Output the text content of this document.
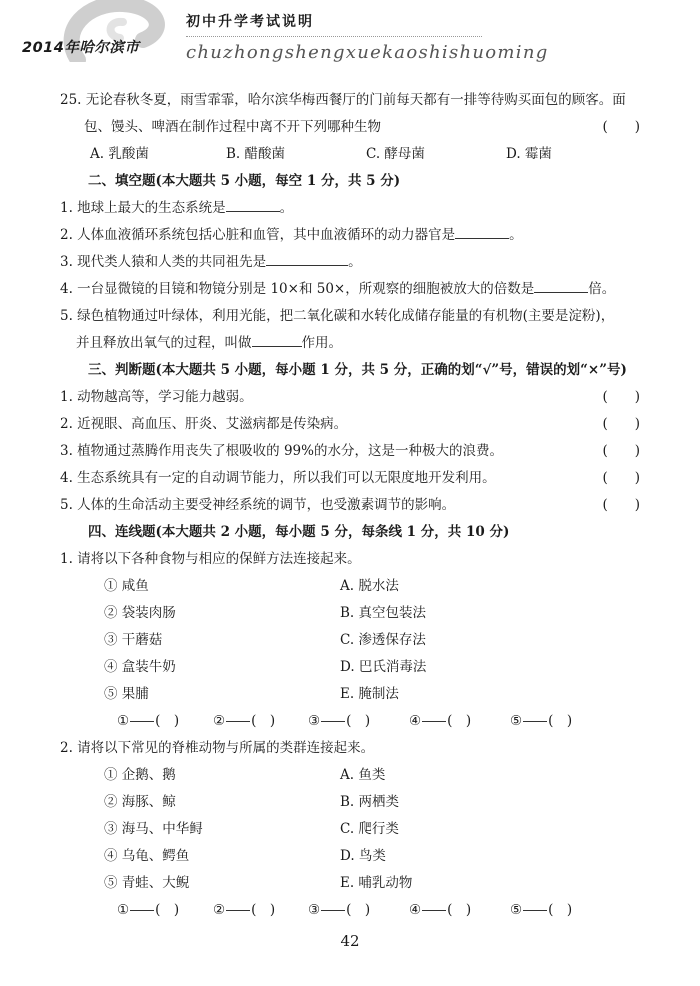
2014年哈尔滨市
初中升学考试说明
chuzhongshengxuekaoshishuoming
25. 无论春秋冬夏，雨雪霏霏，哈尔滨华梅西餐厅的门前每天都有一排等待购买面包的顾客。面
包、馒头、啤酒在制作过程中离不开下列哪种生物	(　　)
A. 乳酸菌	B. 醋酸菌	C. 酵母菌	D. 霉菌
二、填空题(本大题共 5 小题，每空 1 分，共 5 分)
1. 地球上最大的生态系统是	。
2. 人体血液循环系统包括心脏和血管，其中血液循环的动力器官是	。
3. 现代类人猿和人类的共同祖先是	。
4. 一台显微镜的目镜和物镜分别是 10×和 50×，所观察的细胞被放大的倍数是	倍。
5. 绿色植物通过叶绿体，利用光能，把二氧化碳和水转化成储存能量的有机物(主要是淀粉)，
并且释放出氧气的过程，叫做	作用。
三、判断题(本大题共 5 小题，每小题 1 分，共 5 分，正确的划“√”号，错误的划“×”号)
1. 动物越高等，学习能力越弱。	(　　)
2. 近视眼、高血压、肝炎、艾滋病都是传染病。	(　　)
3. 植物通过蒸腾作用丧失了根吸收的 99%的水分，这是一种极大的浪费。	(　　)
4. 生态系统具有一定的自动调节能力，所以我们可以无限度地开发利用。	(　　)
5. 人体的生命活动主要受神经系统的调节，也受激素调节的影响。	(　　)
四、连线题(本大题共 2 小题，每小题 5 分，每条线 1 分，共 10 分)
1. 请将以下各种食物与相应的保鲜方法连接起来。
① 咸鱼	A. 脱水法
② 袋装肉肠	B. 真空包装法
③ 干蘑菇	C. 渗透保存法
④ 盒装牛奶	D. 巴氏消毒法
⑤ 果脯	E. 腌制法
① (　)	② (　) ③ (　)	④ (　)	⑤ (　)
2. 请将以下常见的脊椎动物与所属的类群连接起来。
① 企鹅、鹅	A. 鱼类
② 海豚、鲸	B. 两栖类
③ 海马、中华鲟	C. 爬行类
④ 乌龟、鳄鱼	D. 鸟类
⑤ 青蛙、大鲵	E. 哺乳动物
① (　)	② (　) ③ (　)	④ (　)	⑤ (　)
42
